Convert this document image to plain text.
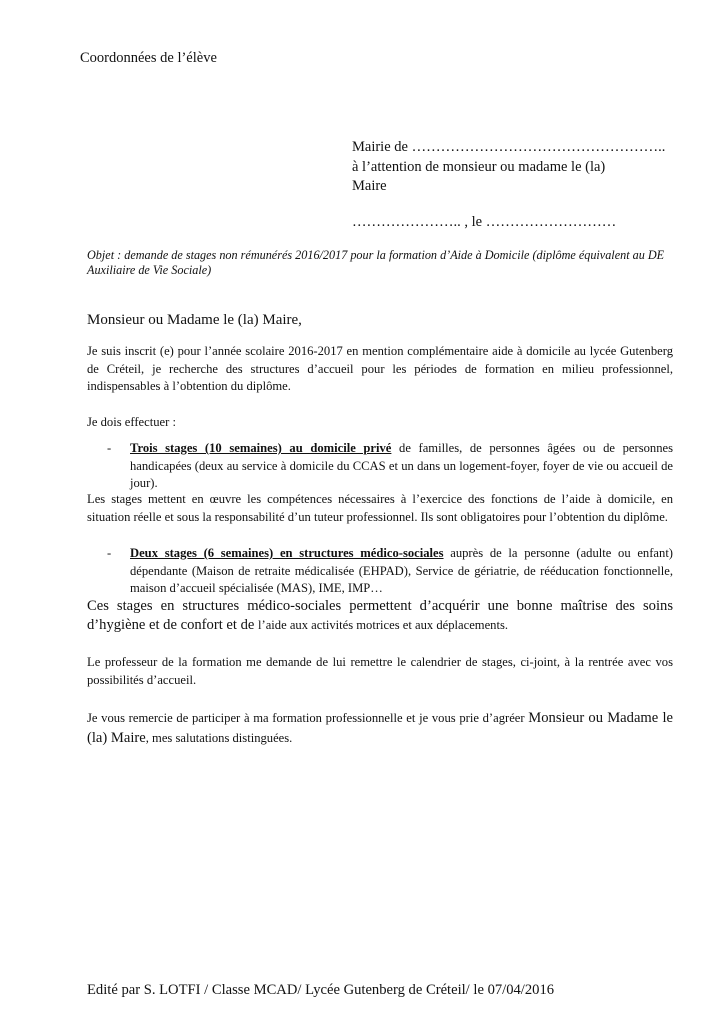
Coordonnées de l’élève
Mairie de ……………………………………………..
à l’attention de monsieur ou madame le (la)
Maire
………………….. , le ………………………
Objet : demande de stages non rémunérés 2016/2017 pour la formation d’Aide à Domicile (diplôme équivalent au DE Auxiliaire de Vie Sociale)
Monsieur ou Madame le (la) Maire,
Je suis inscrit (e) pour l’année scolaire 2016-2017 en mention complémentaire aide à domicile au lycée Gutenberg de Créteil, je recherche des structures d’accueil pour les périodes de formation en milieu professionnel, indispensables à l’obtention du diplôme.
Je dois effectuer :
- Trois stages (10 semaines) au domicile privé de familles, de personnes âgées ou de personnes handicapées (deux au service à domicile du CCAS et un dans un logement-foyer, foyer de vie ou accueil de jour).
Les stages mettent en œuvre les compétences nécessaires à l’exercice des fonctions de l’aide à domicile, en situation réelle et sous la responsabilité d’un tuteur professionnel. Ils sont obligatoires pour l’obtention du diplôme.
- Deux stages (6 semaines) en structures médico-sociales auprès de la personne (adulte ou enfant) dépendante (Maison de retraite médicalisée (EHPAD), Service de gériatrie, de rééducation fonctionnelle, maison d’accueil spécialisée (MAS), IME, IMP…
Ces stages en structures médico-sociales permettent d’acquérir une bonne maîtrise des soins d’hygiène et de confort et de l’aide aux activités motrices et aux déplacements.
Le professeur de la formation me demande de lui remettre le calendrier de stages, ci-joint, à la rentrée avec vos possibilités d’accueil.
Je vous remercie de participer à ma formation professionnelle et je vous prie d’agréer Monsieur ou Madame le (la) Maire, mes salutations distinguées.
Edité par S. LOTFI / Classe MCAD/ Lycée Gutenberg de Créteil/ le 07/04/2016
